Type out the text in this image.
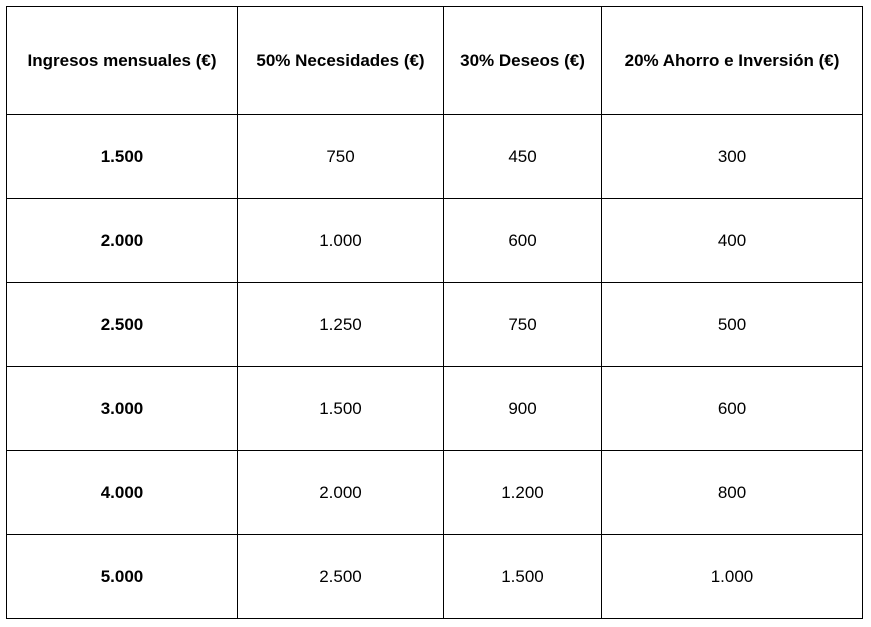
Ingresos mensuales (€)	50% Necesidades (€)	30% Deseos (€)	20% Ahorro e Inversión (€)
1.500	750	450	300
2.000	1.000	600	400
2.500	1.250	750	500
3.000	1.500	900	600
4.000	2.000	1.200	800
5.000	2.500	1.500	1.000
